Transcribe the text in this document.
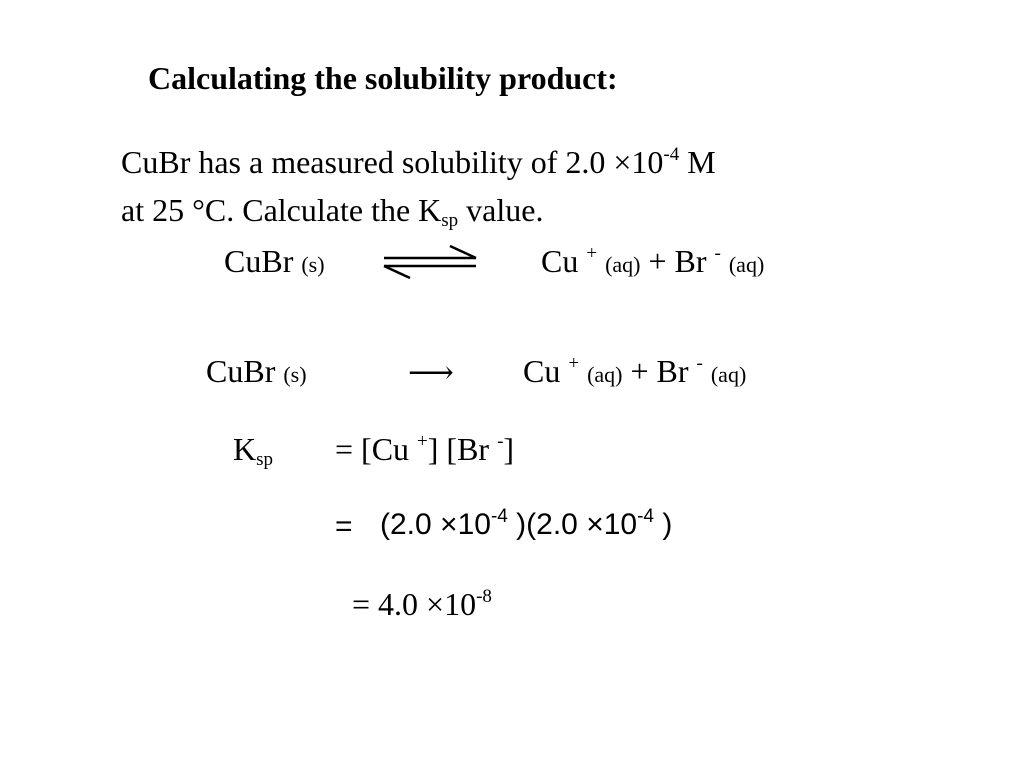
Calculating the solubility product:
CuBr has a measured solubility of $2.0 \times 10^{-4}$ M
at 25 °C. Calculate the $K_{sp}$ value.
CuBr (s)	Cu + (aq) + Br - (aq)
CuBr (s)	⟶ Cu + (aq) + Br - (aq)
$K_{sp} = [Cu$ +] [Br -]
= ($2.0 \times 10^{-4}$ )($2.0 \times 10^{-4}$ )
= $4.0 \times 10^{-8}$
